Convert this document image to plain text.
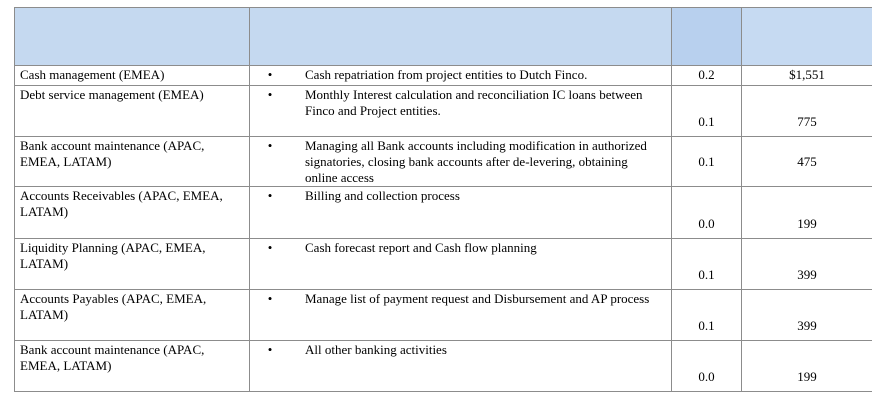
Cash management (EMEA)	• Cash repatriation from project entities to Dutch Finco.	0.2	$1,551
Debt service management (EMEA)	• Monthly Interest calculation and reconciliation IC loans between Finco and Project entities.	0.1	775
Bank account maintenance (APAC, EMEA, LATAM)	• Managing all Bank accounts including modification in authorized signatories, closing bank accounts after de-levering, obtaining online access	0.1	475
Accounts Receivables (APAC, EMEA, LATAM)	• Billing and collection process	0.0	199
Liquidity Planning (APAC, EMEA, LATAM)	• Cash forecast report and Cash flow planning	0.1	399
Accounts Payables (APAC, EMEA, LATAM)	• Manage list of payment request and Disbursement and AP process	0.1	399
Bank account maintenance (APAC, EMEA, LATAM)	• All other banking activities	0.0	199
